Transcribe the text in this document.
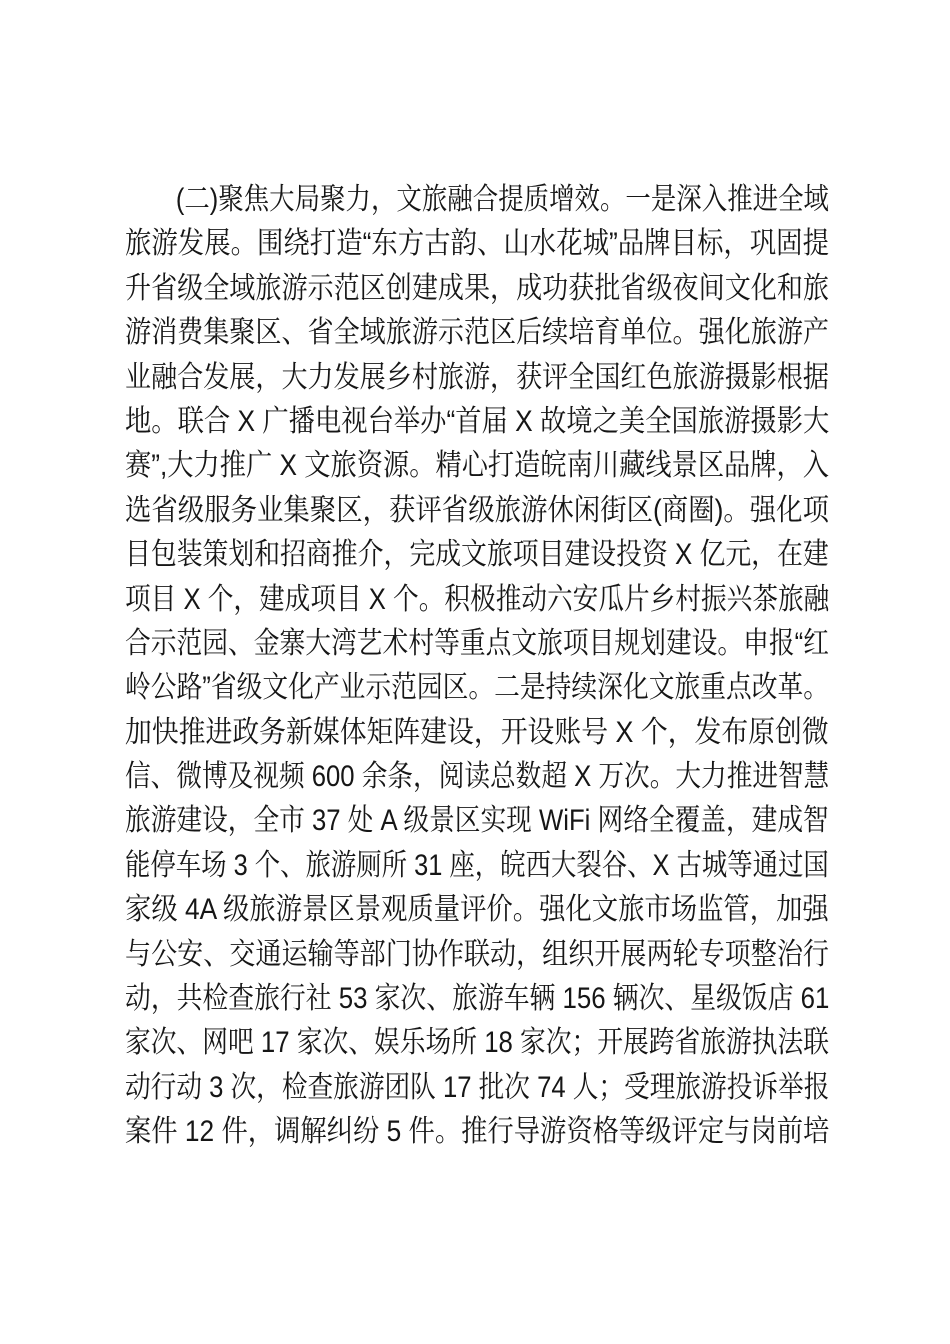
(二)聚焦大局聚力，文旅融合提质增效。一是深入推进全域
旅游发展。围绕打造“东方古韵、山水花城”品牌目标，巩固提
升省级全域旅游示范区创建成果，成功获批省级夜间文化和旅
游消费集聚区、省全域旅游示范区后续培育单位。强化旅游产
业融合发展，大力发展乡村旅游，获评全国红色旅游摄影根据
地。联合 X 广播电视台举办“首届 X 故境之美全国旅游摄影大
赛”,大力推广 X 文旅资源。精心打造皖南川藏线景区品牌，入
选省级服务业集聚区，获评省级旅游休闲街区(商圈)。强化项
目包装策划和招商推介，完成文旅项目建设投资 X 亿元，在建
项目 X 个，建成项目 X 个。积极推动六安瓜片乡村振兴茶旅融
合示范园、金寨大湾艺术村等重点文旅项目规划建设。申报“红
岭公路”省级文化产业示范园区。二是持续深化文旅重点改革。
加快推进政务新媒体矩阵建设，开设账号 X 个，发布原创微
信、微博及视频 600 余条，阅读总数超 X 万次。大力推进智慧
旅游建设，全市 37 处 A 级景区实现 WiFi 网络全覆盖，建成智
能停车场 3 个、旅游厕所 31 座，皖西大裂谷、X 古城等通过国
家级 4A 级旅游景区景观质量评价。强化文旅市场监管，加强
与公安、交通运输等部门协作联动，组织开展两轮专项整治行
动，共检查旅行社 53 家次、旅游车辆 156 辆次、星级饭店 61
家次、网吧 17 家次、娱乐场所 18 家次；开展跨省旅游执法联
动行动 3 次，检查旅游团队 17 批次 74 人；受理旅游投诉举报
案件 12 件，调解纠纷 5 件。推行导游资格等级评定与岗前培
